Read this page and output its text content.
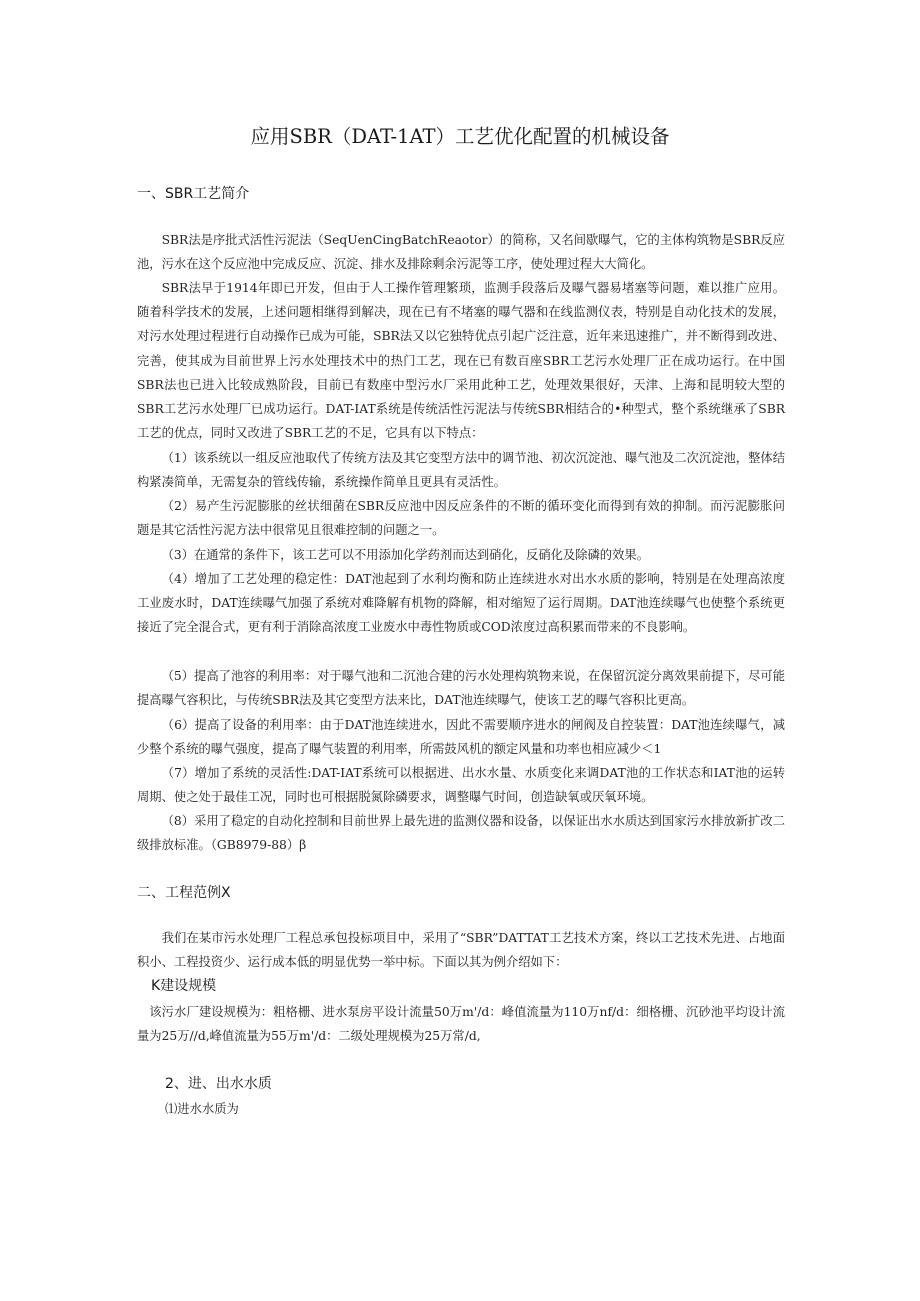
应用SBR（DAT-1AT）工艺优化配置的机械设备
一、SBR工艺简介

SBR法是序批式活性污泥法（SeqUenCingBatchReaotor）的简称，又名间歇曝气，它的主体构筑物是SBR反应池，污水在这个反应池中完成反应、沉淀、排水及排除剩余污泥等工序，使处理过程大大简化。

SBR法早于1914年即已开发，但由于人工操作管理繁琐，监测手段落后及曝气器易堵塞等问题，难以推广应用。随着科学技术的发展，上述问题相继得到解决，现在已有不堵塞的曝气器和在线监测仪表，特别是自动化技术的发展，对污水处理过程进行自动操作已成为可能，SBR法又以它独特优点引起广泛注意，近年来迅速推广，并不断得到改进、完善，使其成为目前世界上污水处理技术中的热门工艺，现在已有数百座SBR工艺污水处理厂正在成功运行。在中国SBR法也已进入比较成熟阶段，目前已有数座中型污水厂采用此种工艺，处理效果很好，天津、上海和昆明较大型的SBR工艺污水处理厂已成功运行。DAT-IAT系统是传统活性污泥法与传统SBR相结合的•种型式，整个系统继承了SBR工艺的优点，同时又改进了SBR工艺的不足，它具有以下特点：

（1）该系统以一组反应池取代了传统方法及其它变型方法中的调节池、初次沉淀池、曝气池及二次沉淀池，整体结构紧凑简单，无需复杂的管线传输，系统操作简单且更具有灵活性。

（2）易产生污泥膨胀的丝状细菌在SBR反应池中因反应条件的不断的循环变化而得到有效的抑制。而污泥膨胀问题是其它活性污泥方法中很常见且很难控制的问题之一。

（3）在通常的条件下，该工艺可以不用添加化学药剂而达到硝化，反硝化及除磷的效果。

（4）增加了工艺处理的稳定性：DAT池起到了水利均衡和防止连续进水对出水水质的影响，特别是在处理高浓度工业废水时，DAT连续曝气加强了系统对难降解有机物的降解，相对缩短了运行周期。DAT池连续曝气也使整个系统更接近了完全混合式，更有利于消除高浓度工业废水中毒性物质或COD浓度过高积累而带来的不良影响。

（5）提高了池容的利用率：对于曝气池和二沉池合建的污水处理构筑物来说，在保留沉淀分离效果前提下，尽可能提高曝气容积比，与传统SBR法及其它变型方法来比，DAT池连续曝气，使该工艺的曝气容积比更高。

（6）提高了设备的利用率：由于DAT池连续进水，因此不需要顺序进水的闸阀及自控装置：DAT池连续曝气，减少整个系统的曝气强度，提高了曝气装置的利用率，所需鼓风机的额定风量和功率也相应减少＜1

（7）增加了系统的灵活性:DAT-IAT系统可以根据进、出水水量、水质变化来调DAT池的工作状态和IAT池的运转周期、使之处于最佳工况，同时也可根据脱氮除磷要求，调整曝气时间，创造缺氧或厌氧环境。

（8）采用了稳定的自动化控制和目前世界上最先进的监测仪器和设备，以保证出水水质达到国家污水排放新扩改二级排放标准。（GB8979-88）β

二、工程范例X

我们在某市污水处理厂工程总承包投标项目中，采用了“SBR”DATTAT工艺技术方案，终以工艺技术先进、占地面积小、工程投资少、运行成本低的明显优势一举中标。下面以其为例介绍如下：

K建设规模

该污水厂建设规模为：粗格栅、进水泵房平设计流量50万m'/d：峰值流量为110万nf/d：细格栅、沉砂池平均设计流量为25万//d,峰值流量为55万m'/d：二级处理规模为25万常/d,

2、进、出水水质
⑴进水水质为
